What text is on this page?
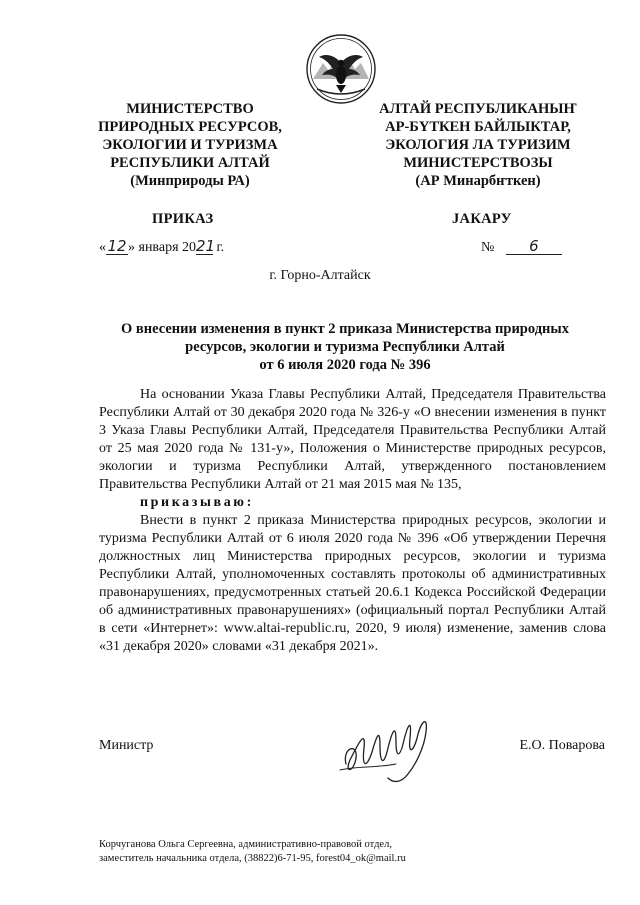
МИНИСТЕРСТВО
ПРИРОДНЫХ РЕСУРСОВ,
ЭКОЛОГИИ И ТУРИЗМА
РЕСПУБЛИКИ АЛТАЙ
(Минприроды РА)
АЛТАЙ РЕСПУБЛИКАНЫҤ
АР-БҮТКЕН БАЙЛЫКТАР,
ЭКОЛОГИЯ ЛА ТУРИЗИМ
МИНИСТЕРСТВОЗЫ
(АР Минарбҥткен)
ПРИКАЗ	JАКАРУ
«12» января 2021 г.	№ 6
г. Горно-Алтайск
О внесении изменения в пункт 2 приказа Министерства природных
ресурсов, экологии и туризма Республики Алтай
от 6 июля 2020 года № 396

На основании Указа Главы Республики Алтай, Председателя Правительства Республики Алтай от 30 декабря 2020 года № 326-у «О внесении изменения в пункт 3 Указа Главы Республики Алтай, Председателя Правительства Республики Алтай от 25 мая 2020 года № 131-у», Положения о Министерстве природных ресурсов, экологии и туризма Республики Алтай, утвержденного постановлением Правительства Республики Алтай от 21 мая 2015 мая № 135,

приказываю:

Внести в пункт 2 приказа Министерства природных ресурсов, экологии и туризма Республики Алтай от 6 июля 2020 года № 396 «Об утверждении Перечня должностных лиц Министерства природных ресурсов, экологии и туризма Республики Алтай, уполномоченных составлять протоколы об административных правонарушениях, предусмотренных статьей 20.6.1 Кодекса Российской Федерации об административных правонарушениях» (официальный портал Республики Алтай в сети «Интернет»: www.altai-republic.ru, 2020, 9 июля) изменение, заменив слова «31 декабря 2020» словами «31 декабря 2021».

Министр	Е.О. Поварова
Корчуганова Ольга Сергеевна, административно-правовой отдел,
заместитель начальника отдела, (38822)6-71-95, forest04_ok@mail.ru
